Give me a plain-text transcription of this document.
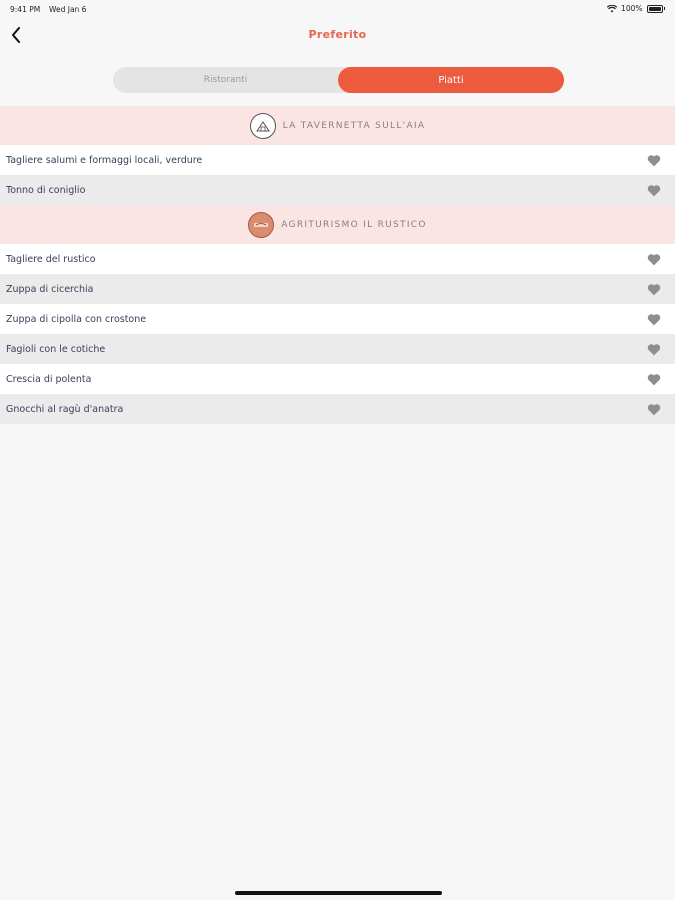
9:41 PM Wed Jan 6	100%
Preferito
Ristoranti	Piatti
LA TAVERNETTA SULL'AIA
Tagliere salumi e formaggi locali, verdure
Tonno di coniglio
AGRITURISMO IL RUSTICO
Tagliere del rustico
Zuppa di cicerchia
Zuppa di cipolla con crostone
Fagioli con le cotiche
Crescia di polenta
Gnocchi al ragù d'anatra
